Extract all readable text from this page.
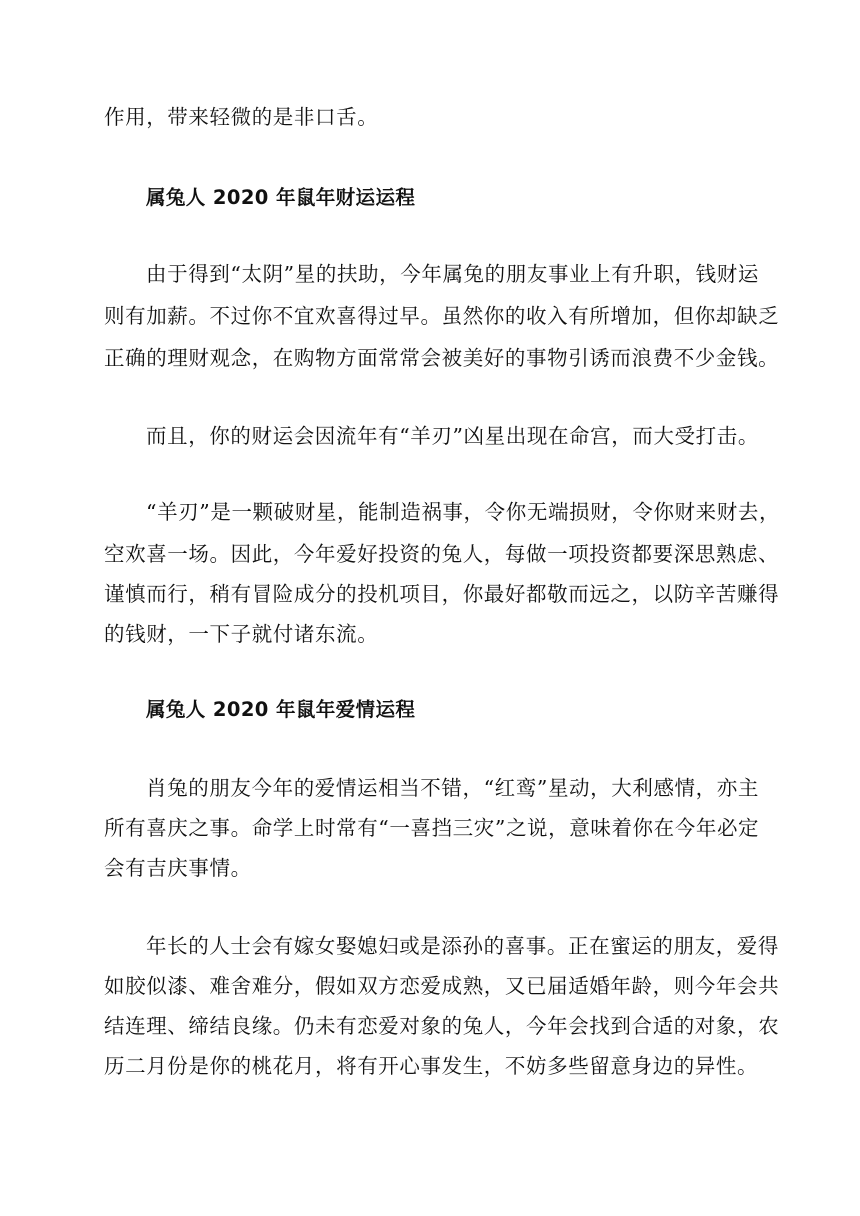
作用，带来轻微的是非口舌。
属兔人 2020 年鼠年财运运程
由于得到“太阴”星的扶助，今年属兔的朋友事业上有升职，钱财运
则有加薪。不过你不宜欢喜得过早。虽然你的收入有所增加，但你却缺乏
正确的理财观念，在购物方面常常会被美好的事物引诱而浪费不少金钱。
而且，你的财运会因流年有“羊刃”凶星出现在命宫，而大受打击。
“羊刃”是一颗破财星，能制造祸事，令你无端损财，令你财来财去，
空欢喜一场。因此，今年爱好投资的兔人，每做一项投资都要深思熟虑、
谨慎而行，稍有冒险成分的投机项目，你最好都敬而远之，以防辛苦赚得
的钱财，一下子就付诸东流。
属兔人 2020 年鼠年爱情运程
肖兔的朋友今年的爱情运相当不错，“红鸾”星动，大利感情，亦主
所有喜庆之事。命学上时常有“一喜挡三灾”之说，意味着你在今年必定
会有吉庆事情。
年长的人士会有嫁女娶媳妇或是添孙的喜事。正在蜜运的朋友，爱得
如胶似漆、难舍难分，假如双方恋爱成熟，又已届适婚年龄，则今年会共
结连理、缔结良缘。仍未有恋爱对象的兔人，今年会找到合适的对象，农
历二月份是你的桃花月，将有开心事发生，不妨多些留意身边的异性。
